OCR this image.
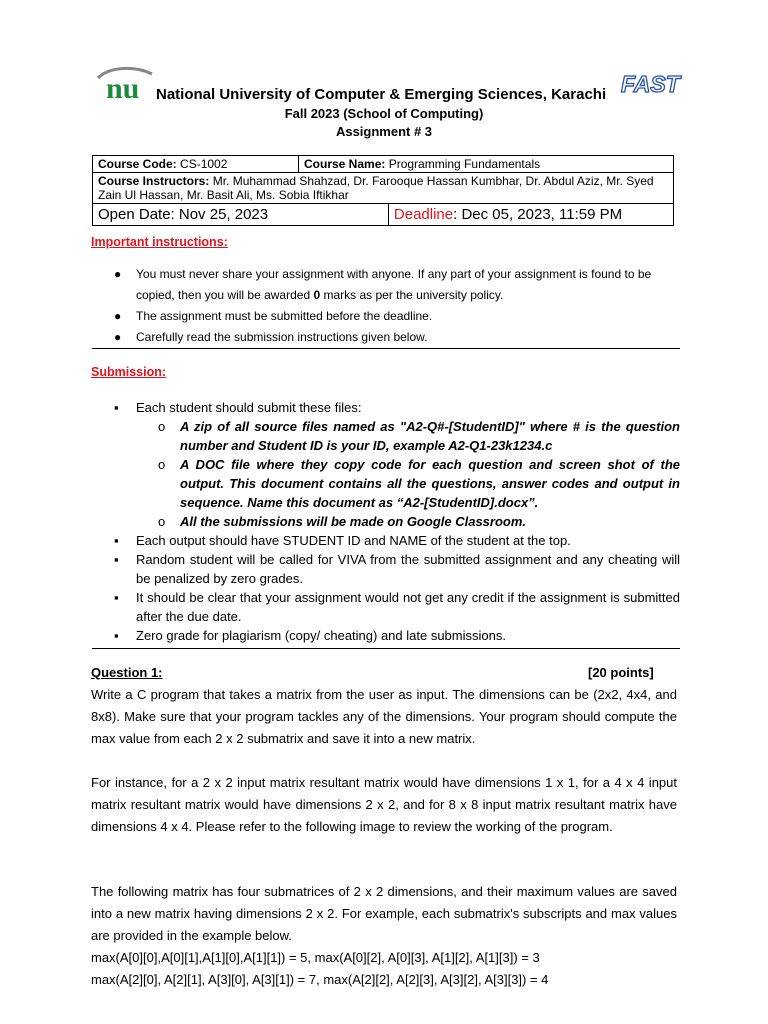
nu National University of Computer & Emerging Sciences, Karachi FAST
Fall 2023 (School of Computing)
Assignment # 3
Course Code: CS-1002	Course Name: Programming Fundamentals	
Course Instructors: Mr. Muhammad Shahzad, Dr. Farooque Hassan Kumbhar, Dr. Abdul Aziz, Mr. Syed Zain Ul Hassan, Mr. Basit Ali, Ms. Sobia Iftikhar		
Open Date: Nov 25, 2023		Deadline: Dec 05, 2023, 11:59 PM
Important instructions:
● You must never share your assignment with anyone. If any part of your assignment is found to be copied, then you will be awarded 0 marks as per the university policy.
● The assignment must be submitted before the deadline.
● Carefully read the submission instructions given below.
Submission:
▪ Each student should submit these files:
o A zip of all source files named as "A2-Q#-[StudentID]" where # is the question number and Student ID is your ID, example A2-Q1-23k1234.c
o A DOC file where they copy code for each question and screen shot of the output. This document contains all the questions, answer codes and output in sequence. Name this document as “A2-[StudentID].docx”.
o All the submissions will be made on Google Classroom.
▪ Each output should have STUDENT ID and NAME of the student at the top.
▪ Random student will be called for VIVA from the submitted assignment and any cheating will be penalized by zero grades.
▪ It should be clear that your assignment would not get any credit if the assignment is submitted after the due date.
▪ Zero grade for plagiarism (copy/ cheating) and late submissions.
Question 1:	[20 points]
Write a C program that takes a matrix from the user as input. The dimensions can be (2x2, 4x4, and 8x8). Make sure that your program tackles any of the dimensions. Your program should compute the max value from each 2 x 2 submatrix and save it into a new matrix.
For instance, for a 2 x 2 input matrix resultant matrix would have dimensions 1 x 1, for a 4 x 4 input matrix resultant matrix would have dimensions 2 x 2, and for 8 x 8 input matrix resultant matrix have dimensions 4 x 4. Please refer to the following image to review the working of the program.
The following matrix has four submatrices of 2 x 2 dimensions, and their maximum values are saved into a new matrix having dimensions 2 x 2. For example, each submatrix's subscripts and max values are provided in the example below.
max(A[0][0],A[0][1],A[1][0],A[1][1]) = 5, max(A[0][2], A[0][3], A[1][2], A[1][3]) = 3
max(A[2][0], A[2][1], A[3][0], A[3][1]) = 7, max(A[2][2], A[2][3], A[3][2], A[3][3]) = 4
